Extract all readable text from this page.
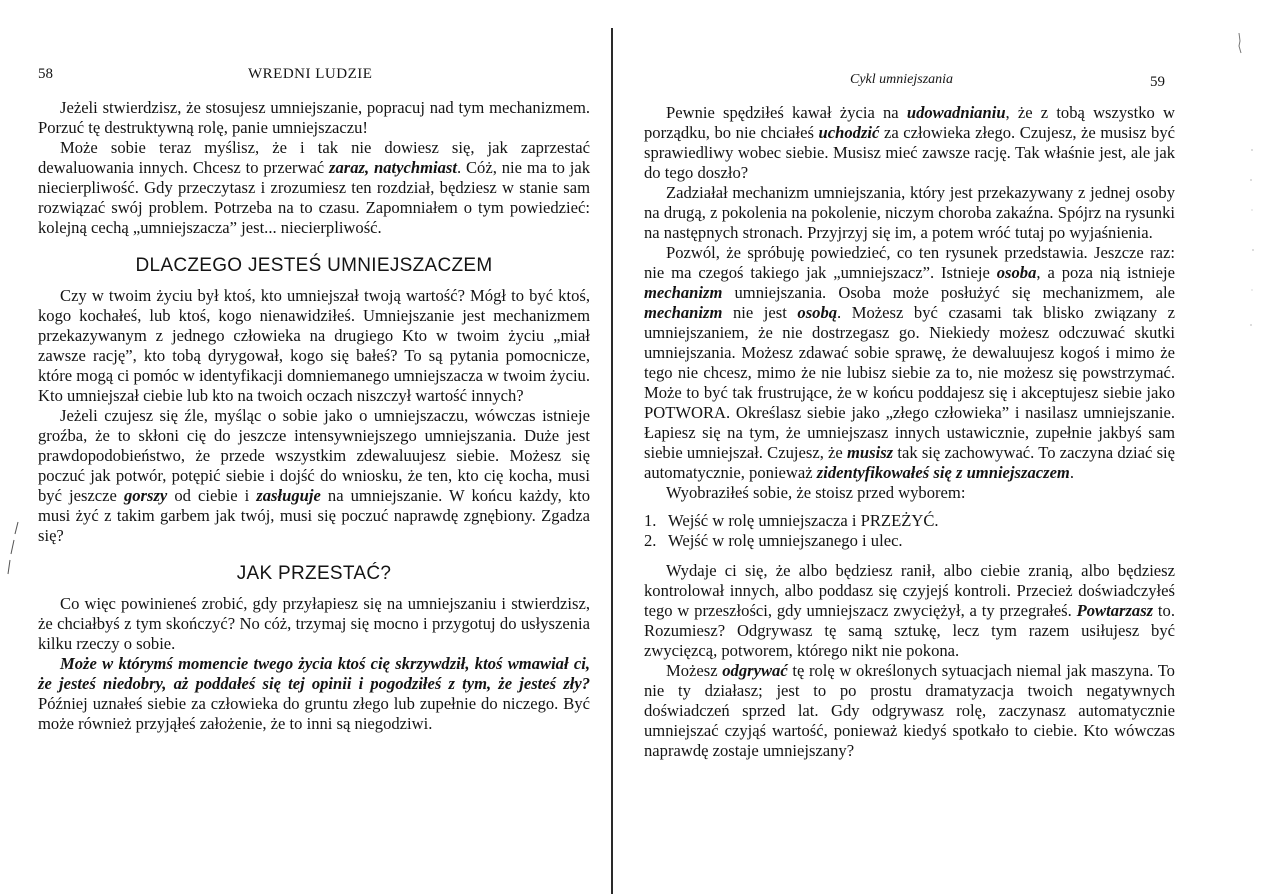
58	WREDNI LUDZIE

Jeżeli stwierdzisz, że stosujesz umniejszanie, popracuj nad tym mechanizmem. Porzuć tę destruktywną rolę, panie umniejszaczu!

Może sobie teraz myślisz, że i tak nie dowiesz się, jak zaprzestać dewaluowania innych. Chcesz to przerwać zaraz, natychmiast. Cóż, nie ma to jak niecierpliwość. Gdy przeczytasz i zrozumiesz ten rozdział, będziesz w stanie sam rozwiązać swój problem. Potrzeba na to czasu. Zapomniałem o tym powiedzieć: kolejną cechą „umniejszacza” jest... niecierpliwość.

DLACZEGO JESTEŚ UMNIEJSZACZEM

Czy w twoim życiu był ktoś, kto umniejszał twoją wartość? Mógł to być ktoś, kogo kochałeś, lub ktoś, kogo nienawidziłeś. Umniejszanie jest mechanizmem przekazywanym z jednego człowieka na drugiego Kto w twoim życiu „miał zawsze rację”, kto tobą dyrygował, kogo się bałeś? To są pytania pomocnicze, które mogą ci pomóc w identyfikacji domniemanego umniejszacza w twoim życiu. Kto umniejszał ciebie lub kto na twoich oczach niszczył wartość innych?

Jeżeli czujesz się źle, myśląc o sobie jako o umniejszaczu, wówczas istnieje groźba, że to skłoni cię do jeszcze intensywniejszego umniejszania. Duże jest prawdopodobieństwo, że przede wszystkim zdewaluujesz siebie. Możesz się poczuć jak potwór, potępić siebie i dojść do wniosku, że ten, kto cię kocha, musi być jeszcze gorszy od ciebie i zasługuje na umniejszanie. W końcu każdy, kto musi żyć z takim garbem jak twój, musi się poczuć naprawdę zgnębiony. Zgadza się?

JAK PRZESTAĆ?

Co więc powinieneś zrobić, gdy przyłapiesz się na umniejszaniu i stwierdzisz, że chciałbyś z tym skończyć? No cóż, trzymaj się mocno i przygotuj do usłyszenia kilku rzeczy o sobie.

Może w którymś momencie twego życia ktoś cię skrzywdził, ktoś wmawiał ci, że jesteś niedobry, aż poddałeś się tej opinii i pogodziłeś z tym, że jesteś zły? Później uznałeś siebie za człowieka do gruntu złego lub zupełnie do niczego. Być może również przyjąłeś założenie, że to inni są niegodziwi.

Cykl umniejszania	59

Pewnie spędziłeś kawał życia na udowadnianiu, że z tobą wszystko w porządku, bo nie chciałeś uchodzić za człowieka złego. Czujesz, że musisz być sprawiedliwy wobec siebie. Musisz mieć zawsze rację. Tak właśnie jest, ale jak do tego doszło?

Zadziałał mechanizm umniejszania, który jest przekazywany z jednej osoby na drugą, z pokolenia na pokolenie, niczym choroba zakaźna. Spójrz na rysunki na następnych stronach. Przyjrzyj się im, a potem wróć tutaj po wyjaśnienia.

Pozwól, że spróbuję powiedzieć, co ten rysunek przedstawia. Jeszcze raz: nie ma czegoś takiego jak „umniejszacz”. Istnieje osoba, a poza nią istnieje mechanizm umniejszania. Osoba może posłużyć się mechanizmem, ale mechanizm nie jest osobą. Możesz być czasami tak blisko związany z umniejszaniem, że nie dostrzegasz go. Niekiedy możesz odczuwać skutki umniejszania. Możesz zdawać sobie sprawę, że dewaluujesz kogoś i mimo że tego nie chcesz, mimo że nie lubisz siebie za to, nie możesz się powstrzymać. Może to być tak frustrujące, że w końcu poddajesz się i akceptujesz siebie jako POTWORA. Określasz siebie jako „złego człowieka” i nasilasz umniejszanie. Łapiesz się na tym, że umniejszasz innych ustawicznie, zupełnie jakbyś sam siebie umniejszał. Czujesz, że musisz tak się zachowywać. To zaczyna dziać się automatycznie, ponieważ zidentyfikowałeś się z umniejszaczem.

Wyobraziłeś sobie, że stoisz przed wyborem:

1. Wejść w rolę umniejszacza i PRZEŻYĆ.
2. Wejść w rolę umniejszanego i ulec.

Wydaje ci się, że albo będziesz ranił, albo ciebie zranią, albo będziesz kontrolował innych, albo poddasz się czyjejś kontroli. Przecież doświadczyłeś tego w przeszłości, gdy umniejszacz zwyciężył, a ty przegrałeś. Powtarzasz to. Rozumiesz? Odgrywasz tę samą sztukę, lecz tym razem usiłujesz być zwycięzcą, potworem, którego nikt nie pokona.

Możesz odgrywać tę rolę w określonych sytuacjach niemal jak maszyna. To nie ty działasz; jest to po prostu dramatyzacja twoich negatywnych doświadczeń sprzed lat. Gdy odgrywasz rolę, zaczynasz automatycznie umniejszać czyjąś wartość, ponieważ kiedyś spotkało to ciebie. Kto wówczas naprawdę zostaje umniejszany?
